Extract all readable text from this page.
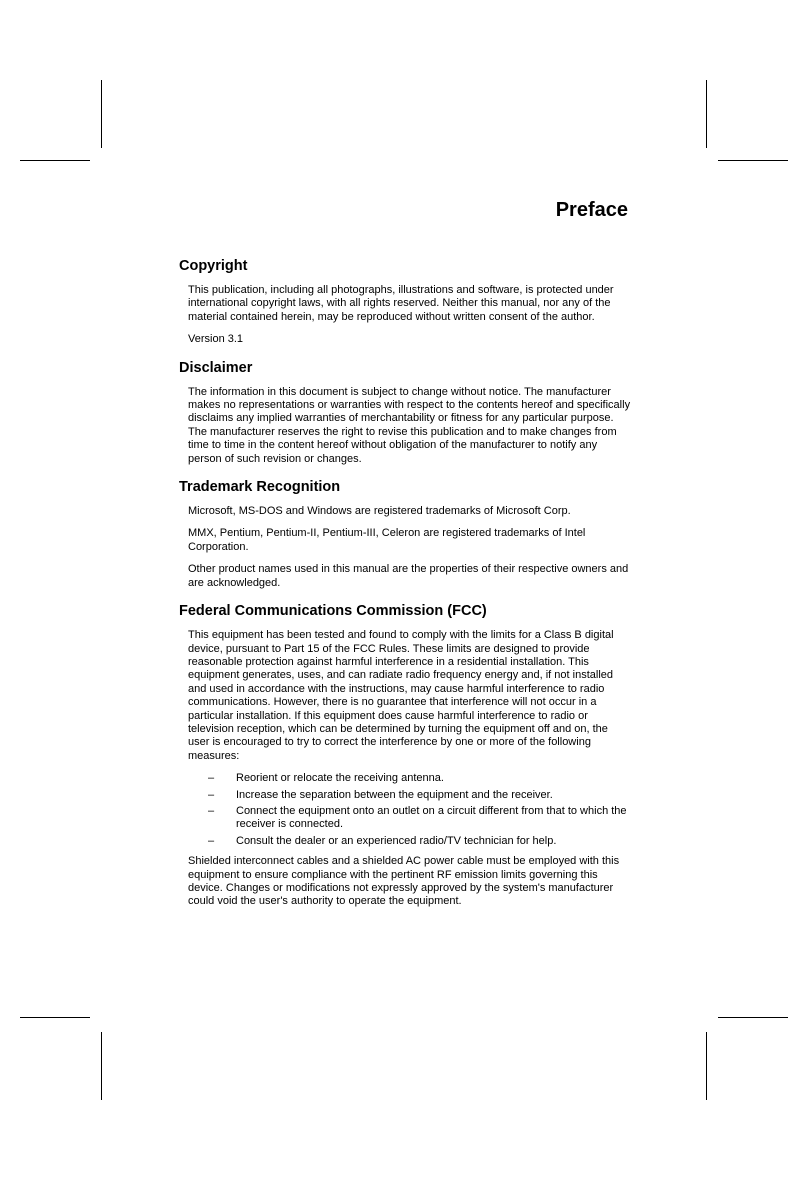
Preface
Copyright

This publication, including all photographs, illustrations and software, is protected under international copyright laws, with all rights reserved. Neither this manual, nor any of the material contained herein, may be reproduced without written consent of the author.

Version 3.1

Disclaimer

The information in this document is subject to change without notice. The manufacturer makes no representations or warranties with respect to the contents hereof and specifically disclaims any implied warranties of merchantability or fitness for any particular purpose. The manufacturer reserves the right to revise this publication and to make changes from time to time in the content hereof without obligation of the manufacturer to notify any person of such revision or changes.

Trademark Recognition

Microsoft, MS-DOS and Windows are registered trademarks of Microsoft Corp.

MMX, Pentium, Pentium-II, Pentium-III, Celeron are registered trademarks of Intel Corporation.

Other product names used in this manual are the properties of their respective owners and are acknowledged.

Federal Communications Commission (FCC)

This equipment has been tested and found to comply with the limits for a Class B digital device, pursuant to Part 15 of the FCC Rules. These limits are designed to provide reasonable protection against harmful interference in a residential installation. This equipment generates, uses, and can radiate radio frequency energy and, if not installed and used in accordance with the instructions, may cause harmful interference to radio communications. However, there is no guarantee that interference will not occur in a particular installation. If this equipment does cause harmful interference to radio or television reception, which can be determined by turning the equipment off and on, the user is encouraged to try to correct the interference by one or more of the following measures:

– Reorient or relocate the receiving antenna.
– Increase the separation between the equipment and the receiver.
– Connect the equipment onto an outlet on a circuit different from that to which the receiver is connected.
– Consult the dealer or an experienced radio/TV technician for help.

Shielded interconnect cables and a shielded AC power cable must be employed with this equipment to ensure compliance with the pertinent RF emission limits governing this device. Changes or modifications not expressly approved by the system's manufacturer could void the user's authority to operate the equipment.
